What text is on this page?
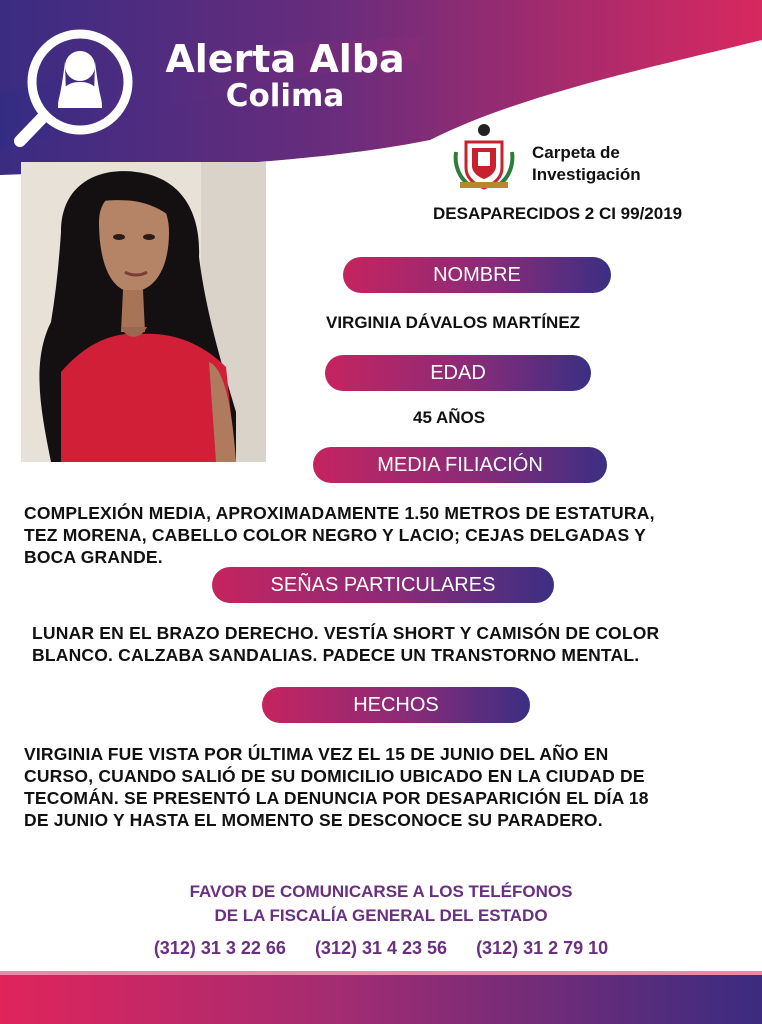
Alerta Alba
Colima
Carpeta de
Investigación
DESAPARECIDOS 2 CI 99/2019
NOMBRE
VIRGINIA DÁVALOS MARTÍNEZ
EDAD
45 AÑOS
MEDIA FILIACIÓN
COMPLEXIÓN MEDIA, APROXIMADAMENTE 1.50 METROS DE ESTATURA,
TEZ MORENA, CABELLO COLOR NEGRO Y LACIO; CEJAS DELGADAS Y
BOCA GRANDE.
SEÑAS PARTICULARES
LUNAR EN EL BRAZO DERECHO. VESTÍA SHORT Y CAMISÓN DE COLOR
BLANCO. CALZABA SANDALIAS. PADECE UN TRANSTORNO MENTAL.
HECHOS
VIRGINIA FUE VISTA POR ÚLTIMA VEZ EL 15 DE JUNIO DEL AÑO EN
CURSO, CUANDO SALIÓ DE SU DOMICILIO UBICADO EN LA CIUDAD DE
TECOMÁN. SE PRESENTÓ LA DENUNCIA POR DESAPARICIÓN EL DÍA 18
DE JUNIO Y HASTA EL MOMENTO SE DESCONOCE SU PARADERO.
FAVOR DE COMUNICARSE A LOS TELÉFONOS
DE LA FISCALÍA GENERAL DEL ESTADO
(312) 31 3 22 66 (312) 31 4 23 56 (312) 31 2 79 10
